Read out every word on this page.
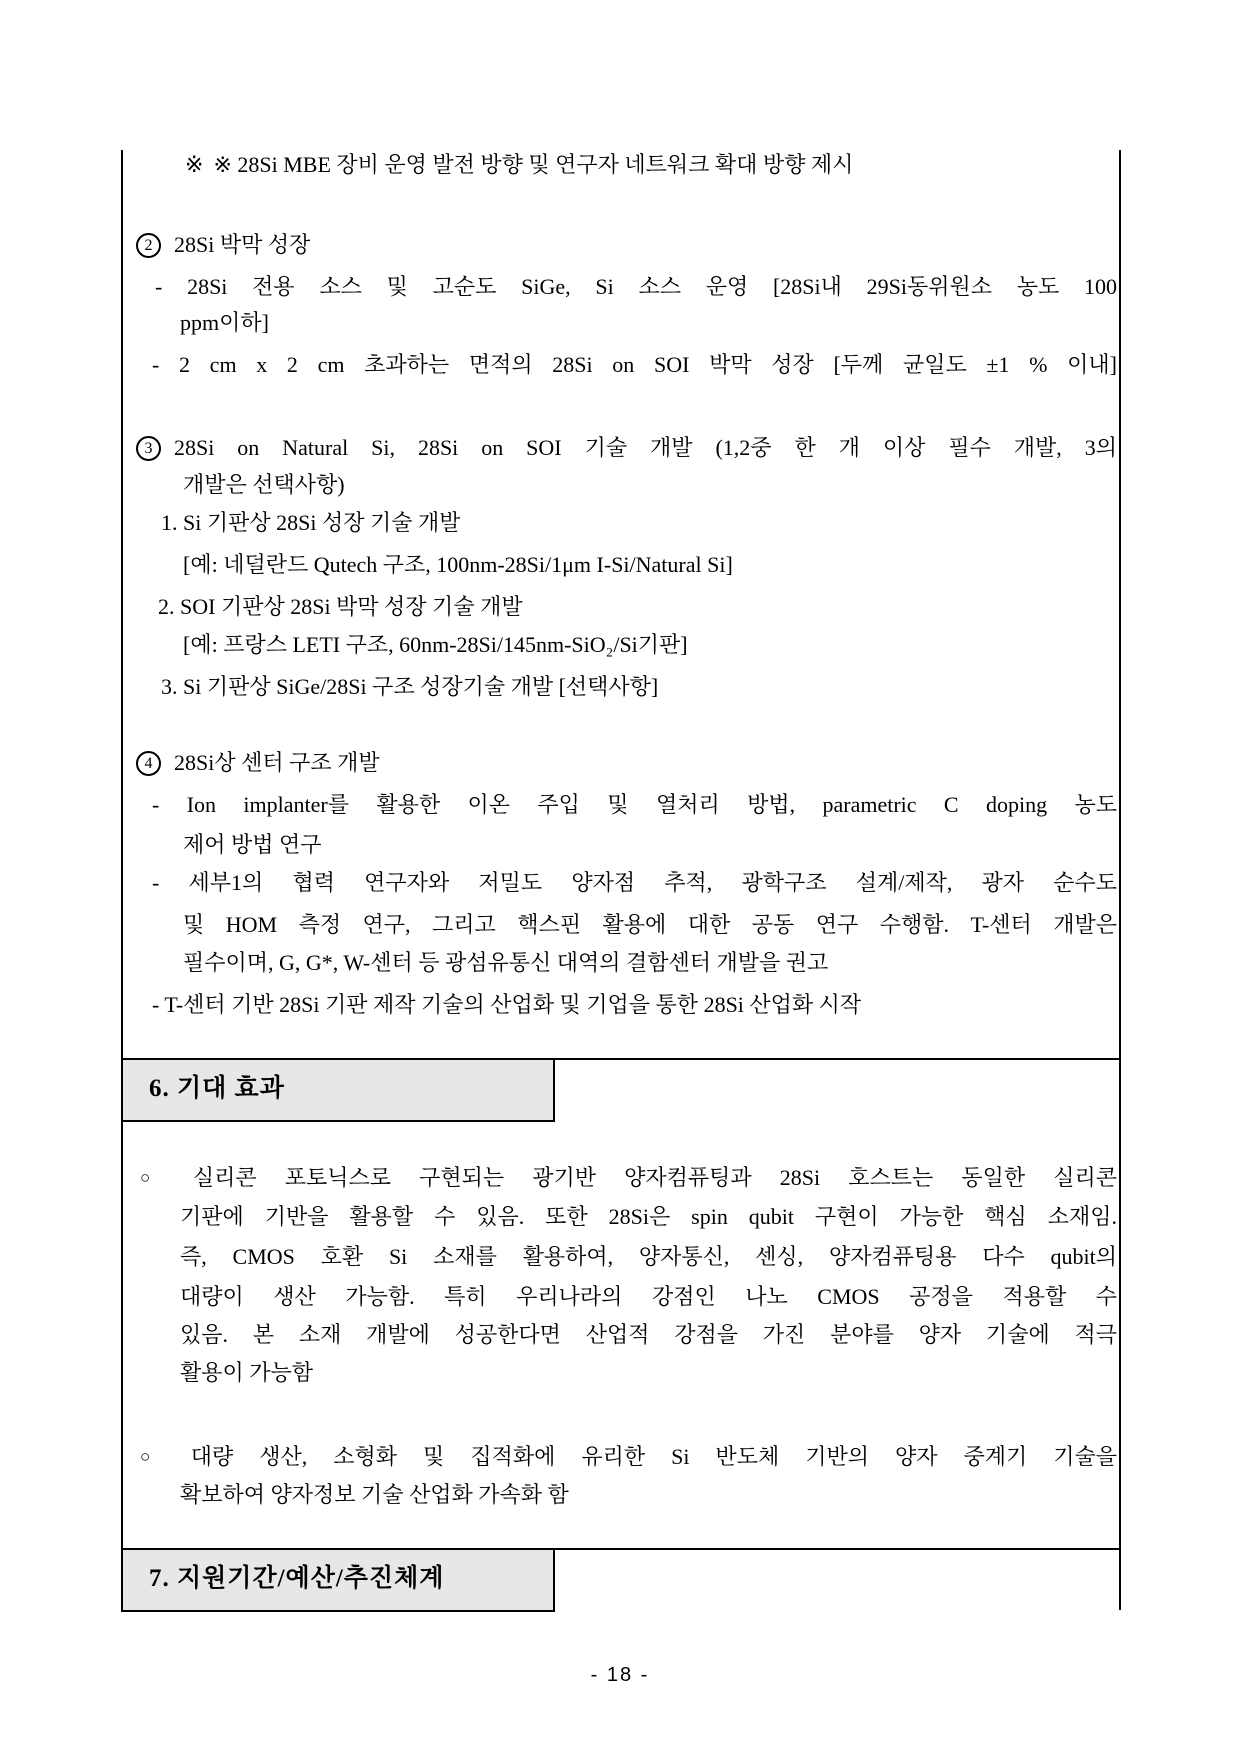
※ ※ 28Si MBE 장비 운영 발전 방향 및 연구자 네트워크 확대 방향 제시
2 28Si 박막 성장
- 28Si 전용 소스 및 고순도 SiGe, Si 소스 운영 [28Si내 29Si동위원소 농도 100
ppm이하]
- 2 cm x 2 cm 초과하는 면적의 28Si on SOI 박막 성장 [두께 균일도 ±1 % 이내]
3 28Si on Natural Si, 28Si on SOI 기술 개발 (1,2중 한 개 이상 필수 개발, 3의
개발은 선택사항)
1. Si 기판상 28Si 성장 기술 개발
[예: 네덜란드 Qutech 구조, 100nm-28Si/1μm I-Si/Natural Si]
2. SOI 기판상 28Si 박막 성장 기술 개발
[예: 프랑스 LETI 구조, 60nm-28Si/145nm-SiO₂/Si기판]
3. Si 기판상 SiGe/28Si 구조 성장기술 개발 [선택사항]
4 28Si상 센터 구조 개발
- Ion implanter를 활용한 이온 주입 및 열처리 방법, parametric C doping 농도
제어 방법 연구
- 세부1의 협력 연구자와 저밀도 양자점 추적, 광학구조 설계/제작, 광자 순수도
및 HOM 측정 연구, 그리고 핵스핀 활용에 대한 공동 연구 수행함. T-센터 개발은
필수이며, G, G*, W-센터 등 광섬유통신 대역의 결함센터 개발을 권고
- T-센터 기반 28Si 기판 제작 기술의 산업화 및 기업을 통한 28Si 산업화 시작
6. 기대 효과
○ 실리콘 포토닉스로 구현되는 광기반 양자컴퓨팅과 28Si 호스트는 동일한 실리콘
기판에 기반을 활용할 수 있음. 또한 28Si은 spin qubit 구현이 가능한 핵심 소재임.
즉, CMOS 호환 Si 소재를 활용하여, 양자통신, 센싱, 양자컴퓨팅용 다수 qubit의
대량이 생산 가능함. 특히 우리나라의 강점인 나노 CMOS 공정을 적용할 수
있음. 본 소재 개발에 성공한다면 산업적 강점을 가진 분야를 양자 기술에 적극
활용이 가능함
○ 대량 생산, 소형화 및 집적화에 유리한 Si 반도체 기반의 양자 중계기 기술을
확보하여 양자정보 기술 산업화 가속화 함
7. 지원기간/예산/추진체계
- 18 -
